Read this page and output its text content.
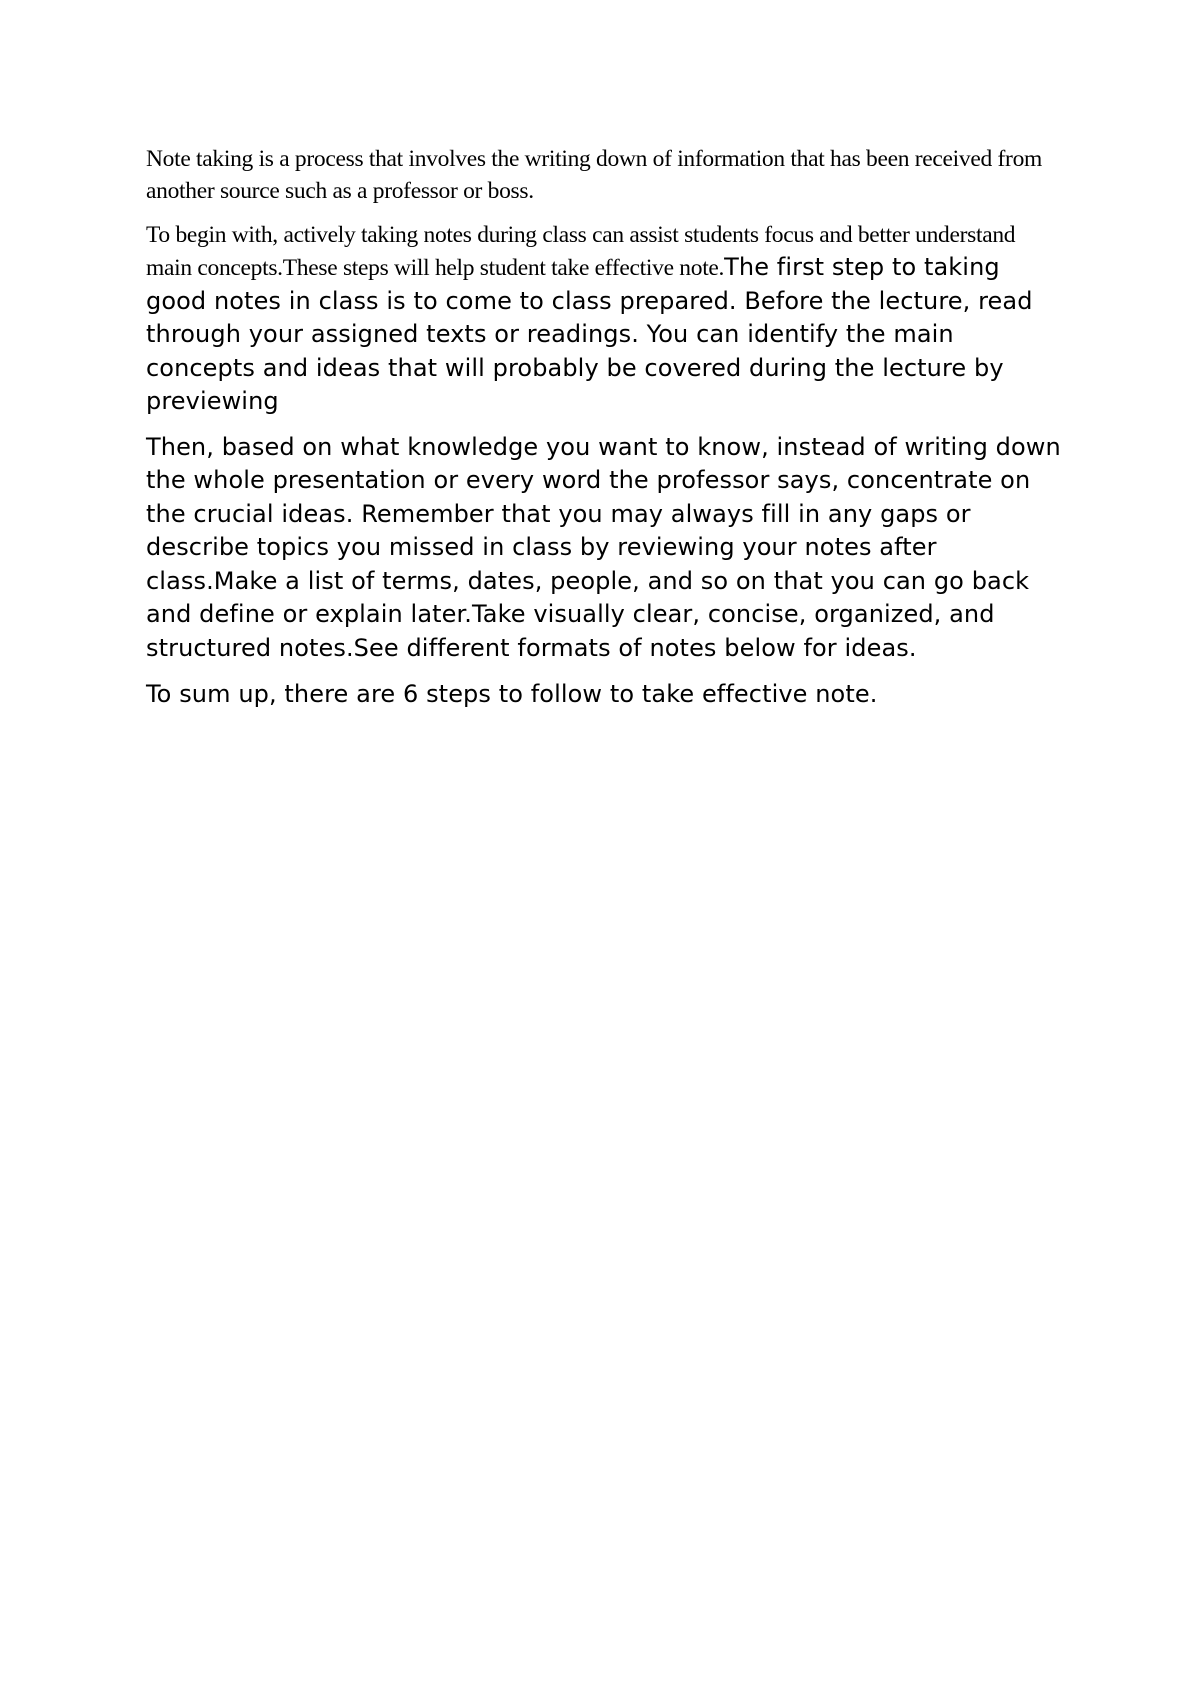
Note taking is a process that involves the writing down of information that has been received from another source such as a professor or boss.

To begin with, actively taking notes during class can assist students focus and better understand main concepts.These steps will help student take effective note.The first step to taking good notes in class is to come to class prepared. Before the lecture, read through your assigned texts or readings. You can identify the main concepts and ideas that will probably be covered during the lecture by previewing

Then, based on what knowledge you want to know, instead of writing down the whole presentation or every word the professor says, concentrate on the crucial ideas. Remember that you may always fill in any gaps or describe topics you missed in class by reviewing your notes after class.Make a list of terms, dates, people, and so on that you can go back and define or explain later.Take visually clear, concise, organized, and structured notes.See different formats of notes below for ideas.

To sum up, there are 6 steps to follow to take effective note.
